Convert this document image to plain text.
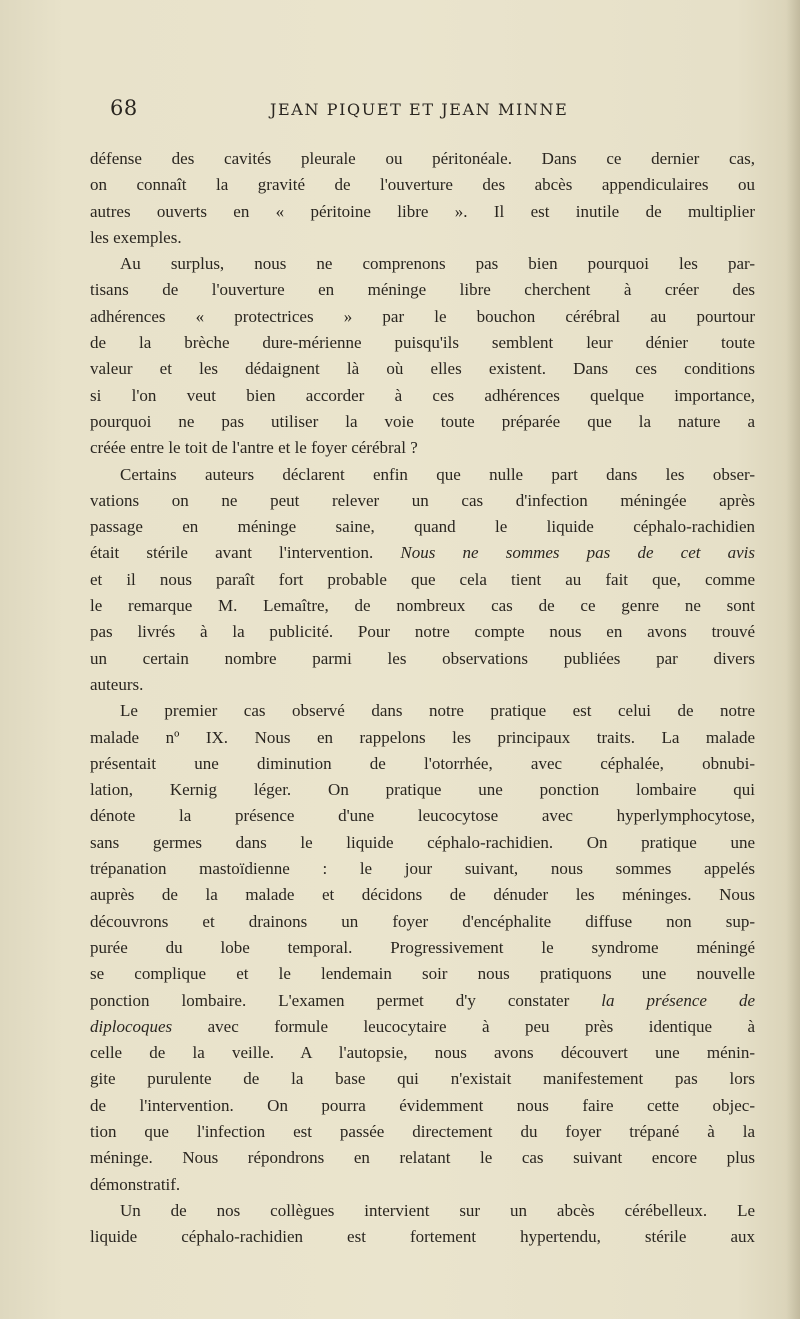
68	JEAN PIQUET ET JEAN MINNE
défense des cavités pleurale ou péritonéale. Dans ce dernier cas,
on connaît la gravité de l'ouverture des abcès appendiculaires ou
autres ouverts en « péritoine libre ». Il est inutile de multiplier
les exemples.
Au surplus, nous ne comprenons pas bien pourquoi les par-
tisans de l'ouverture en méninge libre cherchent à créer des
adhérences « protectrices » par le bouchon cérébral au pourtour
de la brèche dure-mérienne puisqu'ils semblent leur dénier toute
valeur et les dédaignent là où elles existent. Dans ces conditions
si l'on veut bien accorder à ces adhérences quelque importance,
pourquoi ne pas utiliser la voie toute préparée que la nature a
créée entre le toit de l'antre et le foyer cérébral ?
Certains auteurs déclarent enfin que nulle part dans les obser-
vations on ne peut relever un cas d'infection méningée après
passage en méninge saine, quand le liquide céphalo-rachidien
était stérile avant l'intervention. Nous ne sommes pas de cet avis
et il nous paraît fort probable que cela tient au fait que, comme
le remarque M. Lemaître, de nombreux cas de ce genre ne sont
pas livrés à la publicité. Pour notre compte nous en avons trouvé
un certain nombre parmi les observations publiées par divers
auteurs.
Le premier cas observé dans notre pratique est celui de notre
malade nº IX. Nous en rappelons les principaux traits. La malade
présentait une diminution de l'otorrhée, avec céphalée, obnubi-
lation, Kernig léger. On pratique une ponction lombaire qui
dénote la présence d'une leucocytose avec hyperlymphocytose,
sans germes dans le liquide céphalo-rachidien. On pratique une
trépanation mastoïdienne : le jour suivant, nous sommes appelés
auprès de la malade et décidons de dénuder les méninges. Nous
découvrons et drainons un foyer d'encéphalite diffuse non sup-
purée du lobe temporal. Progressivement le syndrome méningé
se complique et le lendemain soir nous pratiquons une nouvelle
ponction lombaire. L'examen permet d'y constater la présence de
diplocoques avec formule leucocytaire à peu près identique à
celle de la veille. A l'autopsie, nous avons découvert une ménin-
gite purulente de la base qui n'existait manifestement pas lors
de l'intervention. On pourra évidemment nous faire cette objec-
tion que l'infection est passée directement du foyer trépané à la
méninge. Nous répondrons en relatant le cas suivant encore plus
démonstratif.
Un de nos collègues intervient sur un abcès cérébelleux. Le
liquide céphalo-rachidien est fortement hypertendu, stérile aux
